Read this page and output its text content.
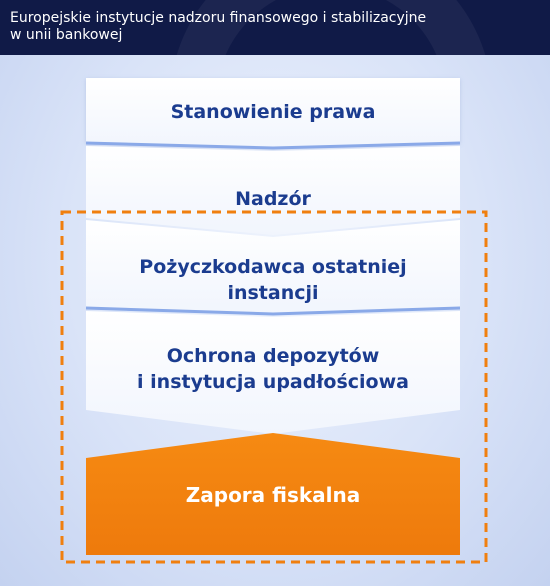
Europejskie instytucje nadzoru finansowego i stabilizacyjne
w unii bankowej
Stanowienie prawa
Nadzór
Pożyczkodawca ostatniej
instancji
Ochrona depozytów
i instytucja upadłościowa
Zapora fiskalna
